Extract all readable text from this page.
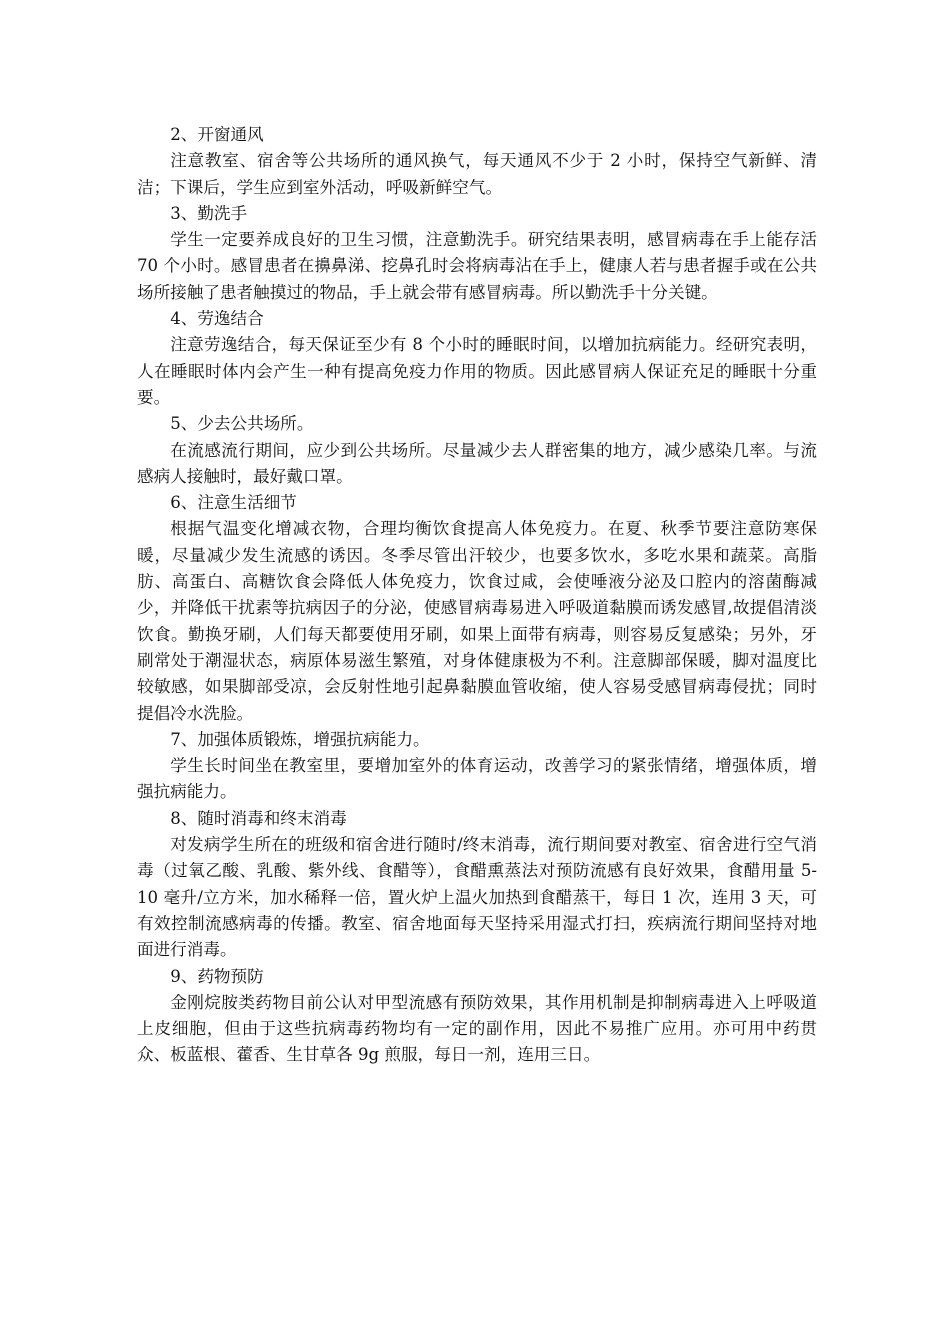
2、开窗通风

注意教室、宿舍等公共场所的通风换气，每天通风不少于 2 小时，保持空气新鲜、清洁；下课后，学生应到室外活动，呼吸新鲜空气。

3、勤洗手

学生一定要养成良好的卫生习惯，注意勤洗手。研究结果表明，感冒病毒在手上能存活 70 个小时。感冒患者在擤鼻涕、挖鼻孔时会将病毒沾在手上，健康人若与患者握手或在公共场所接触了患者触摸过的物品，手上就会带有感冒病毒。所以勤洗手十分关键。

4、劳逸结合

注意劳逸结合，每天保证至少有 8 个小时的睡眠时间，以增加抗病能力。经研究表明，人在睡眠时体内会产生一种有提高免疫力作用的物质。因此感冒病人保证充足的睡眠十分重要。

5、少去公共场所。

在流感流行期间，应少到公共场所。尽量减少去人群密集的地方，减少感染几率。与流感病人接触时，最好戴口罩。

6、注意生活细节

根据气温变化增减衣物，合理均衡饮食提高人体免疫力。在夏、秋季节要注意防寒保暖，尽量减少发生流感的诱因。冬季尽管出汗较少，也要多饮水，多吃水果和蔬菜。高脂肪、高蛋白、高糖饮食会降低人体免疫力，饮食过咸，会使唾液分泌及口腔内的溶菌酶减少，并降低干扰素等抗病因子的分泌，使感冒病毒易进入呼吸道黏膜而诱发感冒,故提倡清淡饮食。勤换牙刷，人们每天都要使用牙刷，如果上面带有病毒，则容易反复感染；另外，牙刷常处于潮湿状态，病原体易滋生繁殖，对身体健康极为不利。注意脚部保暖，脚对温度比较敏感，如果脚部受凉，会反射性地引起鼻黏膜血管收缩，使人容易受感冒病毒侵扰；同时提倡冷水洗脸。

7、加强体质锻炼，增强抗病能力。

学生长时间坐在教室里，要增加室外的体育运动，改善学习的紧张情绪，增强体质，增强抗病能力。

8、随时消毒和终末消毒

对发病学生所在的班级和宿舍进行随时/终末消毒，流行期间要对教室、宿舍进行空气消毒（过氧乙酸、乳酸、紫外线、食醋等），食醋熏蒸法对预防流感有良好效果，食醋用量 5-10 毫升/立方米，加水稀释一倍，置火炉上温火加热到食醋蒸干，每日 1 次，连用 3 天，可有效控制流感病毒的传播。教室、宿舍地面每天坚持采用湿式打扫，疾病流行期间坚持对地面进行消毒。

9、药物预防

金刚烷胺类药物目前公认对甲型流感有预防效果，其作用机制是抑制病毒进入上呼吸道上皮细胞，但由于这些抗病毒药物均有一定的副作用，因此不易推广应用。亦可用中药贯众、板蓝根、藿香、生甘草各 9g 煎服，每日一剂，连用三日。
